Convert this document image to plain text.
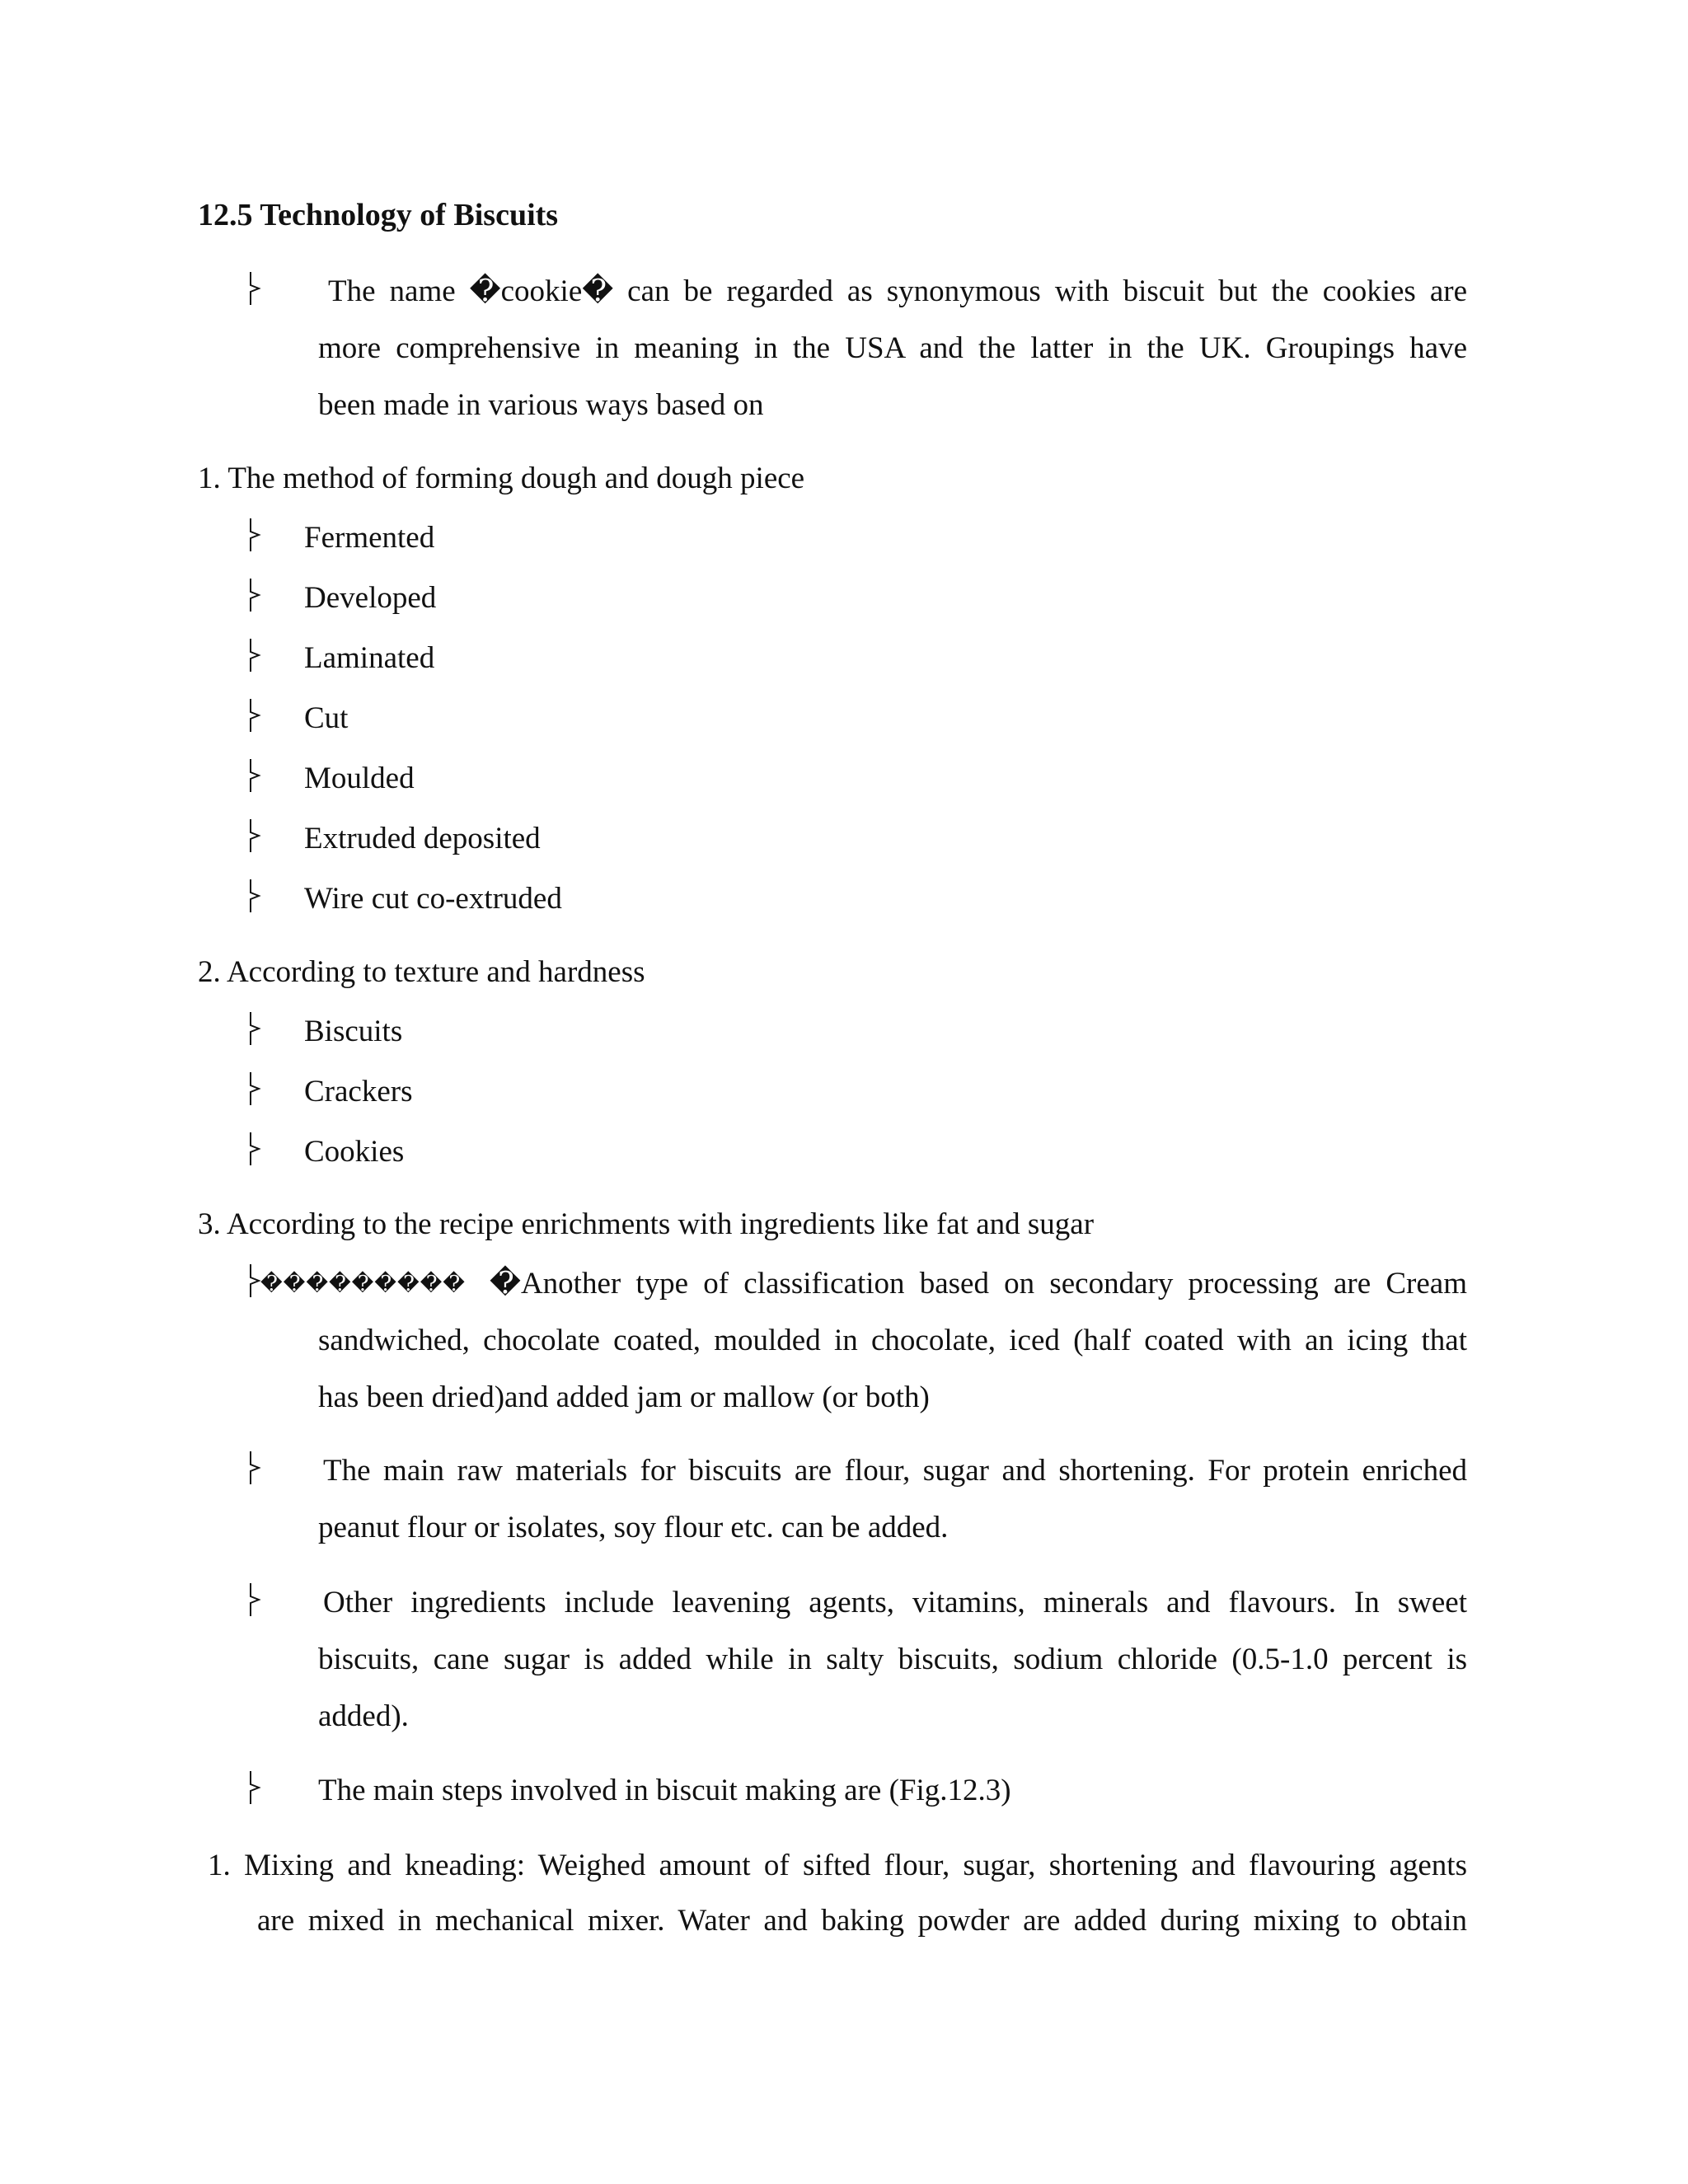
12.5 Technology of Biscuits
The name �cookie� can be regarded as synonymous with biscuit but the cookies are
more comprehensive in meaning in the USA and the latter in the UK. Groupings have
been made in various ways based on
1. The method of forming dough and dough piece
Fermented
Developed
Laminated
Cut
Moulded
Extruded deposited
Wire cut co-extruded
2. According to texture and hardness
Biscuits
Crackers
Cookies
3. According to the recipe enrichments with ingredients like fat and sugar
��������� �Another type of classification based on secondary processing are Cream
sandwiched, chocolate coated, moulded in chocolate, iced (half coated with an icing that
has been dried)and added jam or mallow (or both)
The main raw materials for biscuits are flour, sugar and shortening. For protein enriched
peanut flour or isolates, soy flour etc. can be added.
Other ingredients include leavening agents, vitamins, minerals and flavours. In sweet
biscuits, cane sugar is added while in salty biscuits, sodium chloride (0.5-1.0 percent is
added).
The main steps involved in biscuit making are (Fig.12.3)
1. Mixing and kneading: Weighed amount of sifted flour, sugar, shortening and flavouring agents
are mixed in mechanical mixer. Water and baking powder are added during mixing to obtain
